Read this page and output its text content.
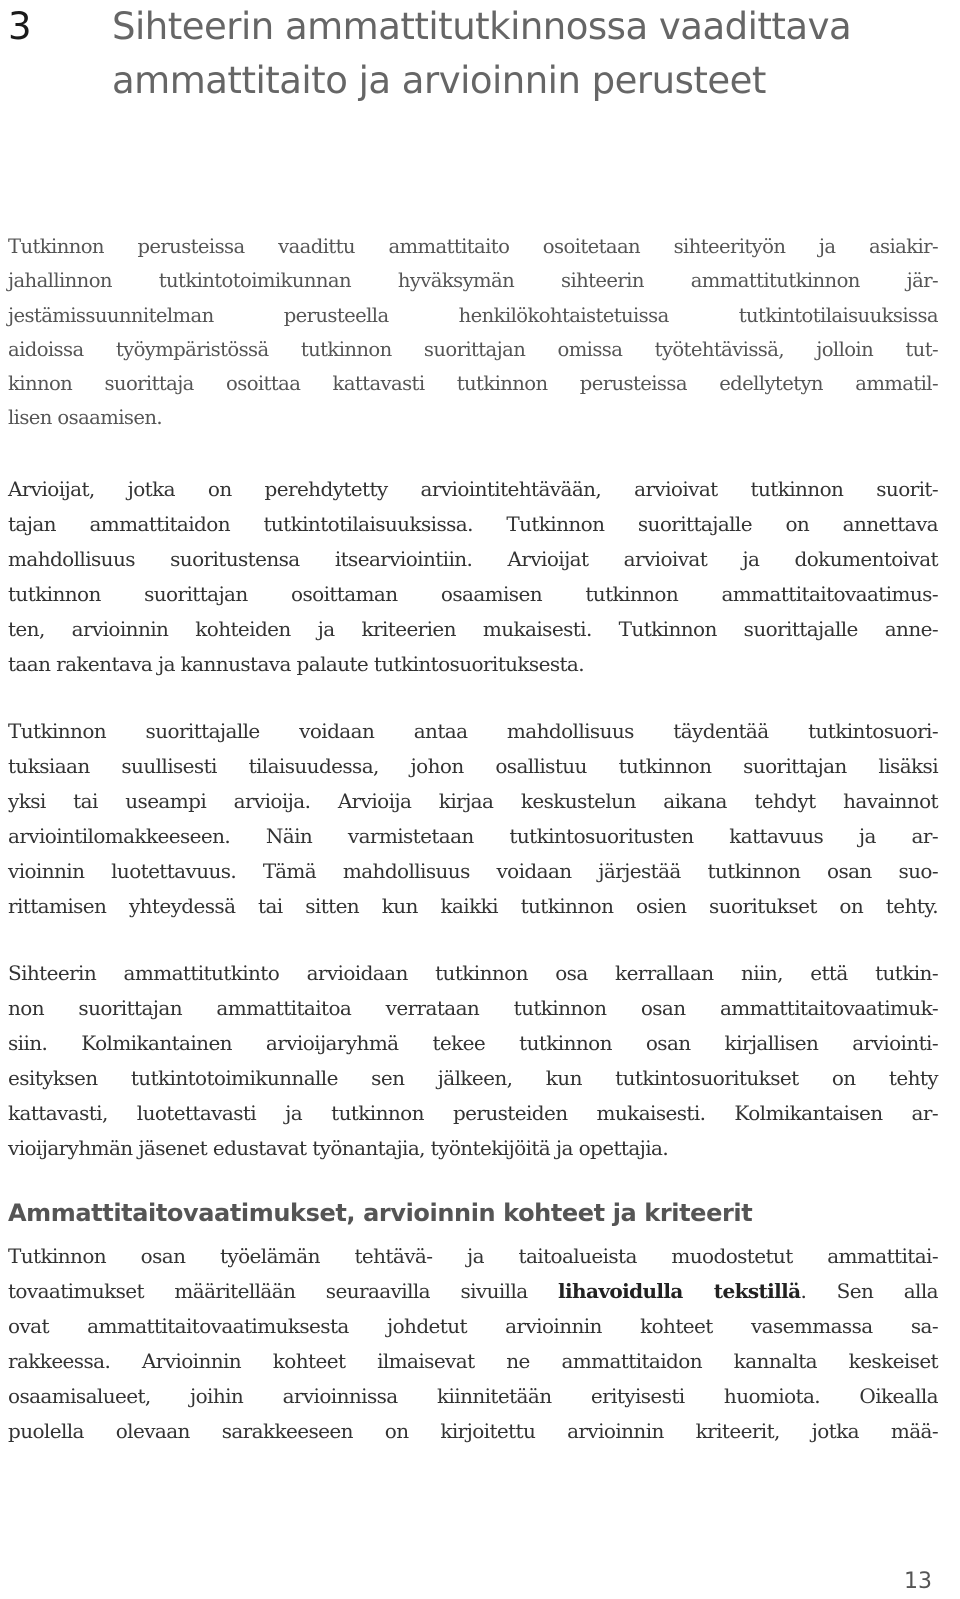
3 Sihteerin ammattitutkinnossa vaadittava
ammattitaito ja arvioinnin perusteet
Tutkinnon perusteissa vaadittu ammattitaito osoitetaan sihteerityön ja asiakir-
jahallinnon tutkintotoimikunnan hyväksymän sihteerin ammattitutkinnon jär-
jestämissuunnitelman perusteella henkilökohtaistetuissa tutkintotilaisuuksissa
aidoissa työympäristössä tutkinnon suorittajan omissa työtehtävissä, jolloin tut-
kinnon suorittaja osoittaa kattavasti tutkinnon perusteissa edellytetyn ammatil-
lisen osaamisen.
Arvioijat, jotka on perehdytetty arviointitehtävään, arvioivat tutkinnon suorit-
tajan ammattitaidon tutkintotilaisuuksissa. Tutkinnon suorittajalle on annettava
mahdollisuus suoritustensa itsearviointiin. Arvioijat arvioivat ja dokumentoivat
tutkinnon suorittajan osoittaman osaamisen tutkinnon ammattitaitovaatimus-
ten, arvioinnin kohteiden ja kriteerien mukaisesti. Tutkinnon suorittajalle anne-
taan rakentava ja kannustava palaute tutkintosuorituksesta.
Tutkinnon suorittajalle voidaan antaa mahdollisuus täydentää tutkintosuori-
tuksiaan suullisesti tilaisuudessa, johon osallistuu tutkinnon suorittajan lisäksi
yksi tai useampi arvioija. Arvioija kirjaa keskustelun aikana tehdyt havainnot
arviointilomakkeeseen. Näin varmistetaan tutkintosuoritusten kattavuus ja ar-
vioinnin luotettavuus. Tämä mahdollisuus voidaan järjestää tutkinnon osan suo-
rittamisen yhteydessä tai sitten kun kaikki tutkinnon osien suoritukset on tehty.
Sihteerin ammattitutkinto arvioidaan tutkinnon osa kerrallaan niin, että tutkin-
non suorittajan ammattitaitoa verrataan tutkinnon osan ammattitaitovaatimuk-
siin. Kolmikantainen arvioijaryhmä tekee tutkinnon osan kirjallisen arviointi-
esityksen tutkintotoimikunnalle sen jälkeen, kun tutkintosuoritukset on tehty
kattavasti, luotettavasti ja tutkinnon perusteiden mukaisesti. Kolmikantaisen ar-
vioijaryhmän jäsenet edustavat työnantajia, työntekijöitä ja opettajia.
Ammattitaitovaatimukset, arvioinnin kohteet ja kriteerit
Tutkinnon osan työelämän tehtävä- ja taitoalueista muodostetut ammattitai-
tovaatimukset määritellään seuraavilla sivuilla lihavoidulla tekstillä. Sen alla
ovat ammattitaitovaatimuksesta johdetut arvioinnin kohteet vasemmassa sa-
rakkeessa. Arvioinnin kohteet ilmaisevat ne ammattitaidon kannalta keskeiset
osaamisalueet, joihin arvioinnissa kiinnitetään erityisesti huomiota. Oikealla
puolella olevaan sarakkeeseen on kirjoitettu arvioinnin kriteerit, jotka mää-
13
